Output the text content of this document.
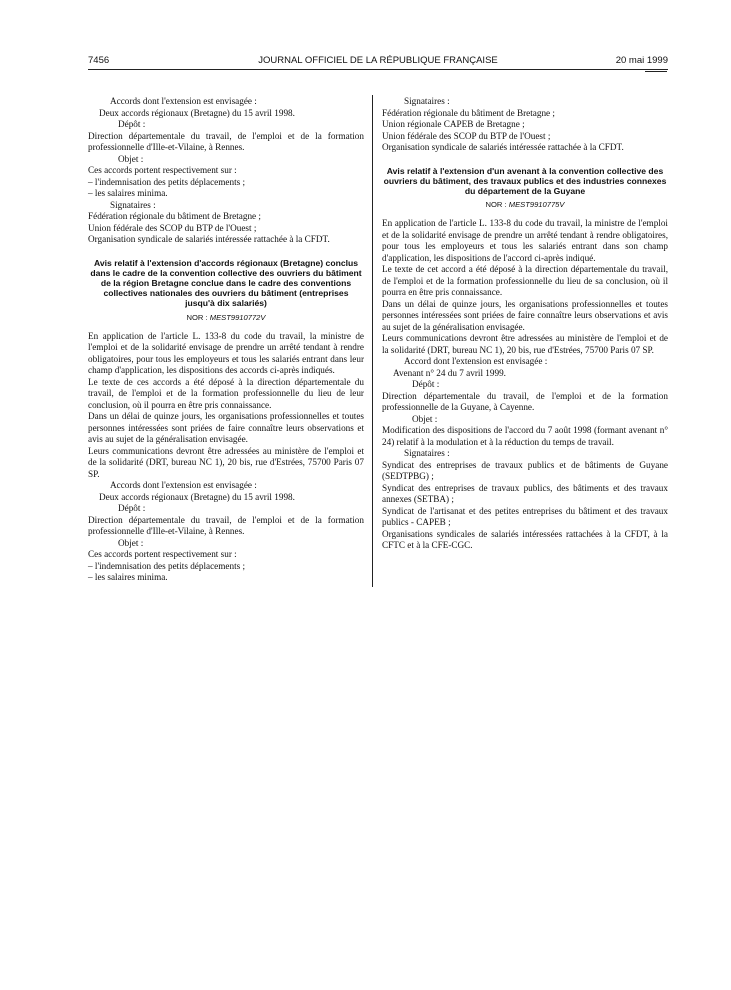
7456	JOURNAL OFFICIEL DE LA RÉPUBLIQUE FRANÇAISE	20 mai 1999

Accords dont l'extension est envisagée :

Deux accords régionaux (Bretagne) du 15 avril 1998.

Dépôt :

Direction départementale du travail, de l'emploi et de la formation professionnelle d'Ille-et-Vilaine, à Rennes.

Objet :

Ces accords portent respectivement sur :

– l'indemnisation des petits déplacements ;

– les salaires minima.

Signataires :

Fédération régionale du bâtiment de Bretagne ;

Union fédérale des SCOP du BTP de l'Ouest ;

Organisation syndicale de salariés intéressée rattachée à la CFDT.

Avis relatif à l'extension d'accords régionaux (Bretagne) conclus dans le cadre de la convention collective des ouvriers du bâtiment de la région Bretagne conclue dans le cadre des conventions collectives nationales des ouvriers du bâtiment (entreprises jusqu'à dix salariés)
NOR : MEST9910772V

En application de l'article L. 133-8 du code du travail, la ministre de l'emploi et de la solidarité envisage de prendre un arrêté tendant à rendre obligatoires, pour tous les employeurs et tous les salariés entrant dans leur champ d'application, les dispositions des accords ci-après indiqués.

Le texte de ces accords a été déposé à la direction départementale du travail, de l'emploi et de la formation professionnelle du lieu de leur conclusion, où il pourra en être pris connaissance.

Dans un délai de quinze jours, les organisations professionnelles et toutes personnes intéressées sont priées de faire connaître leurs observations et avis au sujet de la généralisation envisagée.

Leurs communications devront être adressées au ministère de l'emploi et de la solidarité (DRT, bureau NC 1), 20 bis, rue d'Estrées, 75700 Paris 07 SP.

Accords dont l'extension est envisagée :

Deux accords régionaux (Bretagne) du 15 avril 1998.

Dépôt :

Direction départementale du travail, de l'emploi et de la formation professionnelle d'Ille-et-Vilaine, à Rennes.

Objet :

Ces accords portent respectivement sur :

– l'indemnisation des petits déplacements ;

– les salaires minima.

Signataires :

Fédération régionale du bâtiment de Bretagne ;

Union régionale CAPEB de Bretagne ;

Union fédérale des SCOP du BTP de l'Ouest ;

Organisation syndicale de salariés intéressée rattachée à la CFDT.

Avis relatif à l'extension d'un avenant à la convention collective des ouvriers du bâtiment, des travaux publics et des industries connexes du département de la Guyane
NOR : MEST9910775V

En application de l'article L. 133-8 du code du travail, la ministre de l'emploi et de la solidarité envisage de prendre un arrêté tendant à rendre obligatoires, pour tous les employeurs et tous les salariés entrant dans son champ d'application, les dispositions de l'accord ci-après indiqué.

Le texte de cet accord a été déposé à la direction départementale du travail, de l'emploi et de la formation professionnelle du lieu de sa conclusion, où il pourra en être pris connaissance.

Dans un délai de quinze jours, les organisations professionnelles et toutes personnes intéressées sont priées de faire connaître leurs observations et avis au sujet de la généralisation envisagée.

Leurs communications devront être adressées au ministère de l'emploi et de la solidarité (DRT, bureau NC 1), 20 bis, rue d'Estrées, 75700 Paris 07 SP.

Accord dont l'extension est envisagée :

Avenant n° 24 du 7 avril 1999.

Dépôt :

Direction départementale du travail, de l'emploi et de la formation professionnelle de la Guyane, à Cayenne.

Objet :

Modification des dispositions de l'accord du 7 août 1998 (formant avenant n° 24) relatif à la modulation et à la réduction du temps de travail.

Signataires :

Syndicat des entreprises de travaux publics et de bâtiments de Guyane (SEDTPBG) ;

Syndicat des entreprises de travaux publics, des bâtiments et des travaux annexes (SETBA) ;

Syndicat de l'artisanat et des petites entreprises du bâtiment et des travaux publics - CAPEB ;

Organisations syndicales de salariés intéressées rattachées à la CFDT, à la CFTC et à la CFE-CGC.
